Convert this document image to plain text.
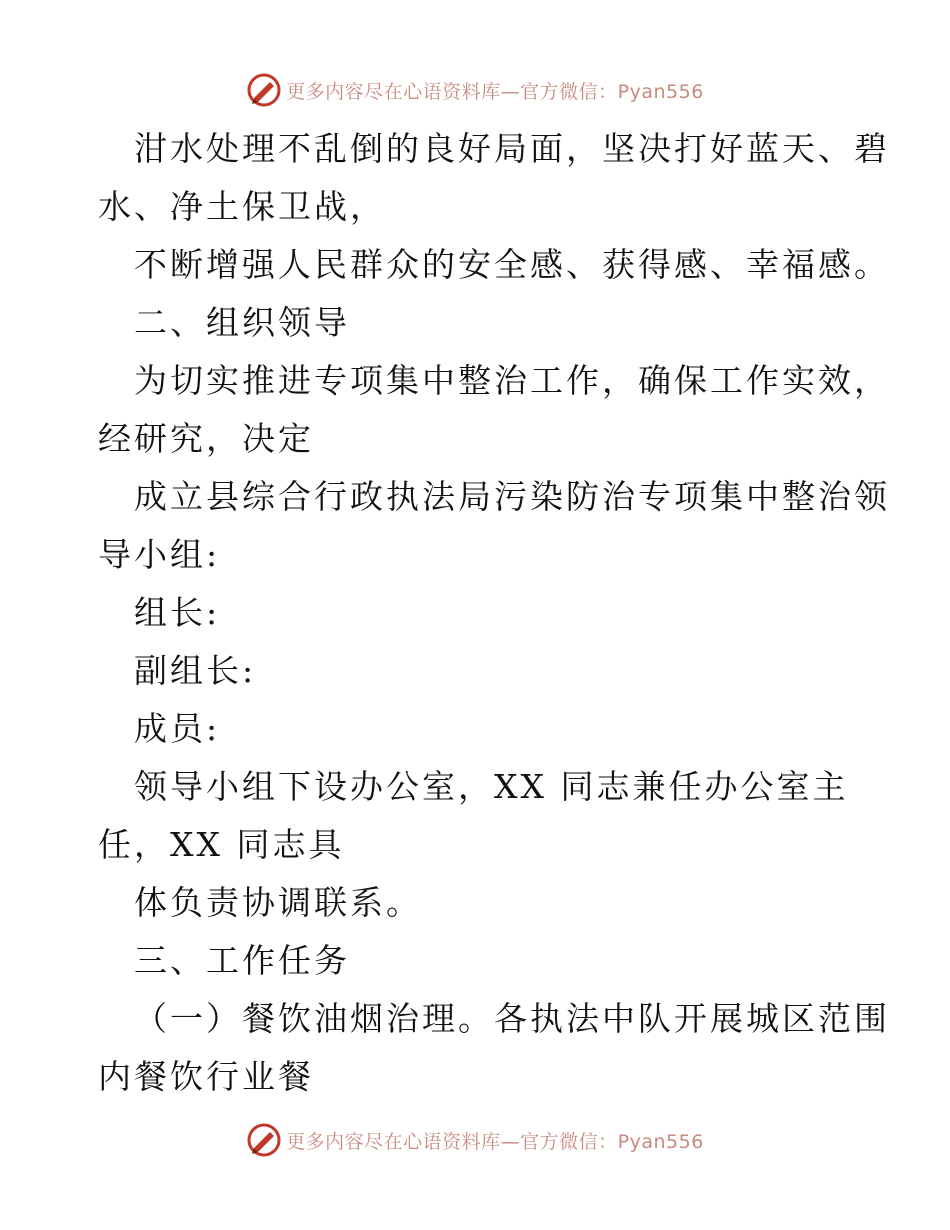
更多内容尽在心语资料库—官方微信：Pyan556
泔水处理不乱倒的良好局面，坚决打好蓝天、碧
水、净土保卫战，
不断增强人民群众的安全感、获得感、幸福感。
二、组织领导
为切实推进专项集中整治工作，确保工作实效，
经研究，决定
成立县综合行政执法局污染防治专项集中整治领
导小组:
组长:
副组长:
成员:
领导小组下设办公室，XX 同志兼任办公室主
任，XX 同志具
体负责协调联系。
三、工作任务
（一）餐饮油烟治理。各执法中队开展城区范围
内餐饮行业餐
更多内容尽在心语资料库—官方微信：Pyan556
